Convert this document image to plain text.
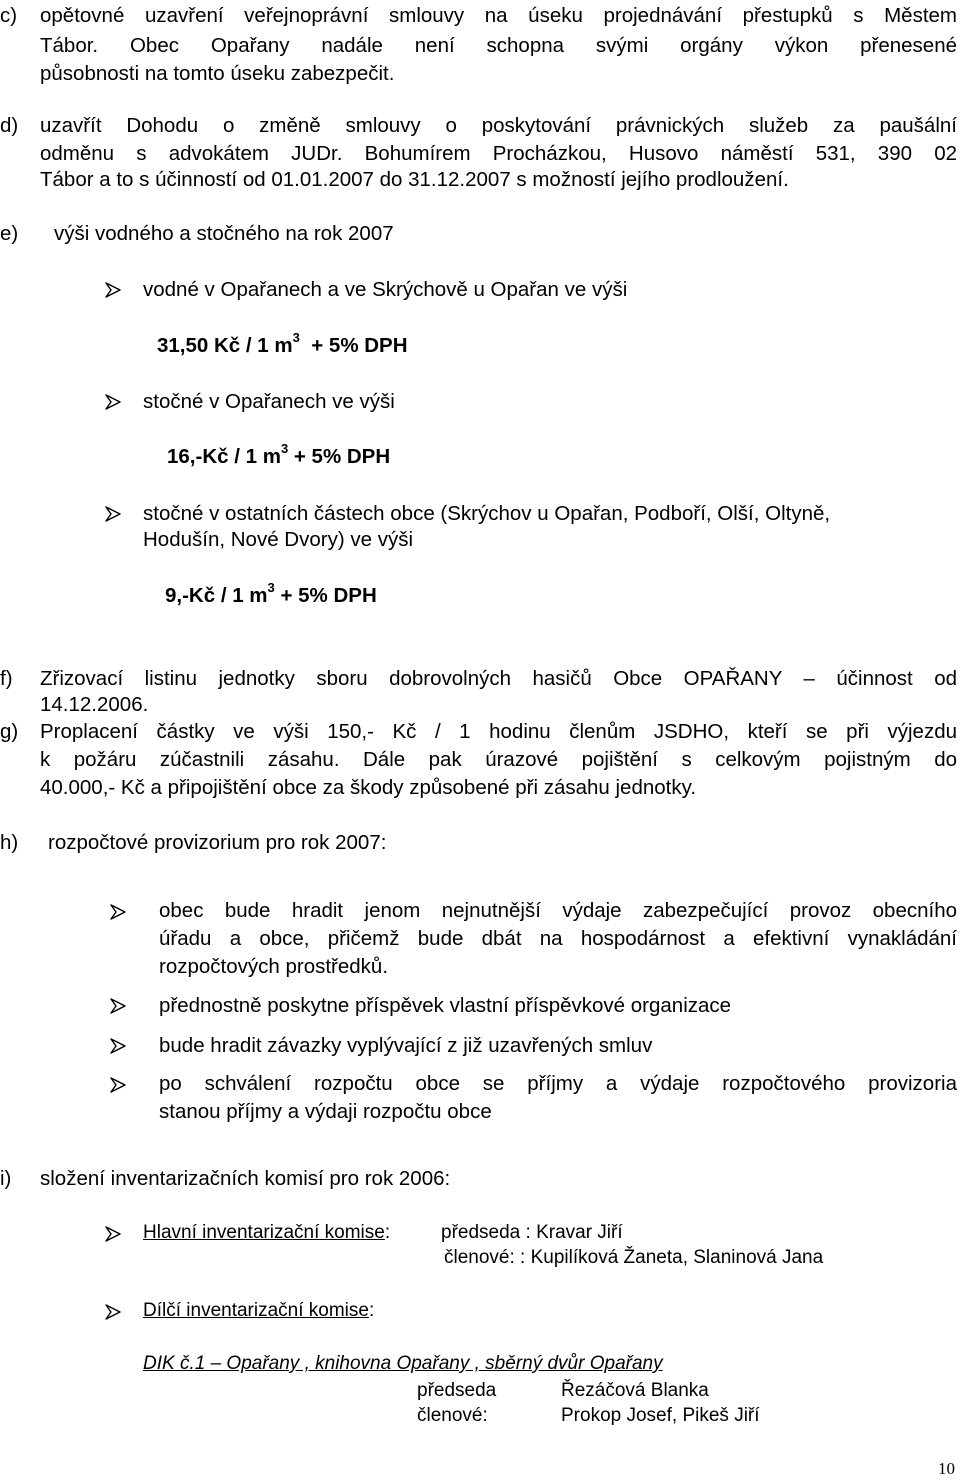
c) opětovné uzavření veřejnoprávní smlouvy na úseku projednávání přestupků s Městem
Tábor. Obec Opařany nadále není schopna svými orgány výkon přenesené
působnosti na tomto úseku zabezpečit.
d) uzavřít Dohodu o změně smlouvy o poskytování právnických služeb za paušální
odměnu s advokátem JUDr. Bohumírem Procházkou, Husovo náměstí 531, 390 02
Tábor a to s účinností od 01.01.2007 do 31.12.2007 s možností jejího prodloužení.
e) výši vodného a stočného na rok 2007
vodné v Opařanech a ve Skrýchově u Opařan ve výši
31,50 Kč / 1 $m^3 + 5\%$ DPH
stočné v Opařanech ve výši
16,-Kč / 1 $m^3 + 5\%$ DPH
stočné v ostatních částech obce (Skrýchov u Opařan, Podboří, Olší, Oltyně,
Hodušín, Nové Dvory) ve výši
9,-Kč / 1 $m^3 + 5\%$ DPH
f) Zřizovací listinu jednotky sboru dobrovolných hasičů Obce OPAŘANY – účinnost od
14.12.2006.
g) Proplacení částky ve výši 150,- Kč / 1 hodinu členům JSDHO, kteří se při výjezdu
k požáru zúčastnili zásahu. Dále pak úrazové pojištění s celkovým pojistným do
40.000,- Kč a připojištění obce za škody způsobené při zásahu jednotky.
h) rozpočtové provizorium pro rok 2007:
obec bude hradit jenom nejnutnější výdaje zabezpečující provoz obecního
úřadu a obce, přičemž bude dbát na hospodárnost a efektivní vynakládání
rozpočtových prostředků.
přednostně poskytne příspěvek vlastní příspěvkové organizace
bude hradit závazky vyplývající z již uzavřených smluv
po schválení rozpočtu obce se příjmy a výdaje rozpočtového provizoria
stanou příjmy a výdaji rozpočtu obce
i) složení inventarizačních komisí pro rok 2006:
Hlavní inventarizační komise:	předseda : Kravar Jiří
členové: : Kupilíková Žaneta, Slaninová Jana
Dílčí inventarizační komise:
DIK č.1 – Opařany , knihovna Opařany , sběrný dvůr Opařany
předseda	Řezáčová Blanka
členové:	Prokop Josef, Pikeš Jiří
10
